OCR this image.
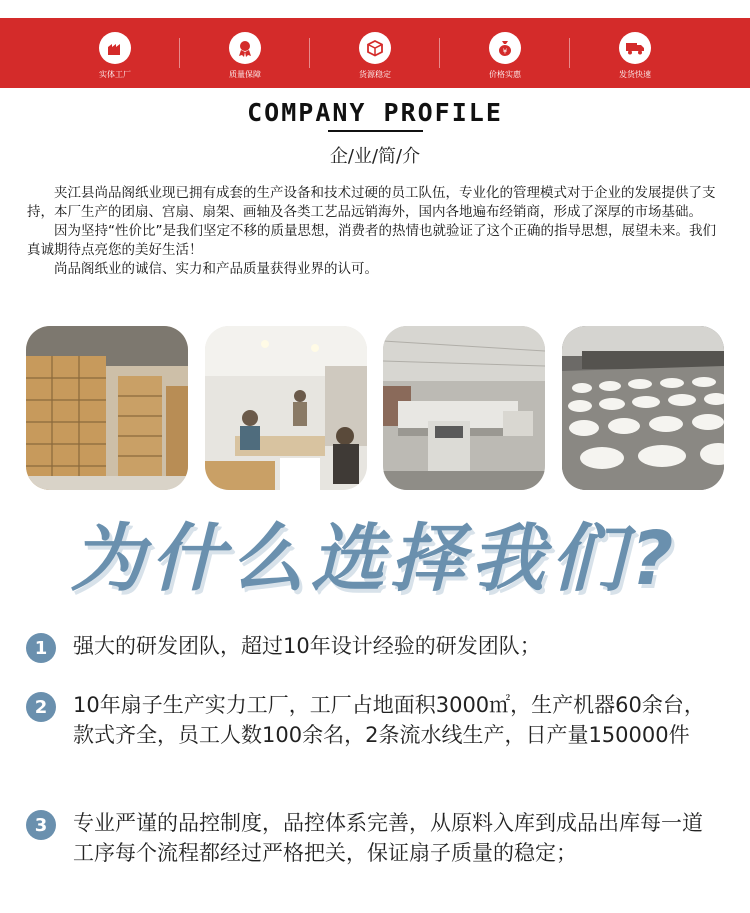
实体工厂	质量保障	货源稳定
¥
价格实惠	发货快速
COMPANY PROFILE
企/业/简/介

　　夹江县尚品阁纸业现已拥有成套的生产设备和技术过硬的员工队伍，专业化的管理模式对于企业的发展提供了支持，本厂生产的团扇、宫扇、扇架、画轴及各类工艺品远销海外，国内各地遍布经销商，形成了深厚的市场基础。

　　因为坚持“性价比”是我们坚定不移的质量思想，消费者的热情也就验证了这个正确的指导思想，展望未来。我们真诚期待点亮您的美好生活！

　　尚品阁纸业的诚信、实力和产品质量获得业界的认可。

为什么选择我们?
1	强大的研发团队，超过10年设计经验的研发团队；
2	10年扇子生产实力工厂，工厂占地面积3000㎡，生产机器60余台，款式齐全，员工人数100余名，2条流水线生产，日产量150000件
3	专业严谨的品控制度，品控体系完善，从原料入库到成品出库每一道工序每个流程都经过严格把关，保证扇子质量的稳定；
